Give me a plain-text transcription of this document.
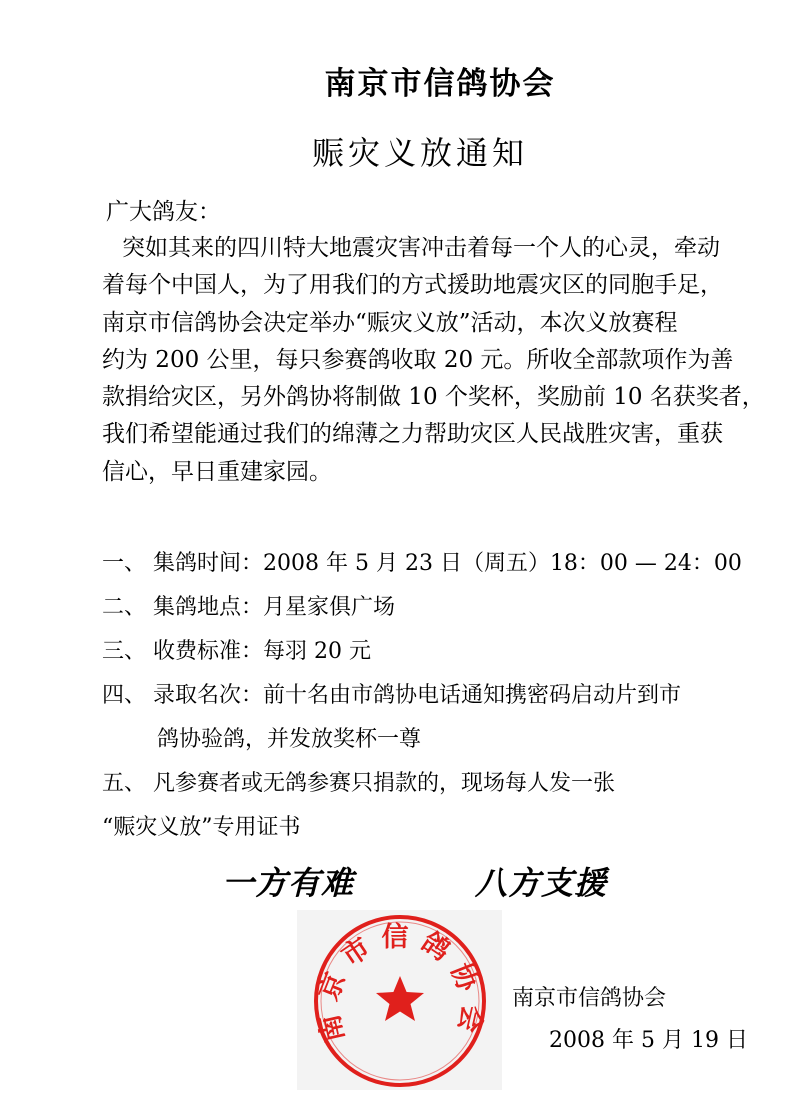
南京市信鸽协会
赈灾义放通知
广大鸽友：
突如其来的四川特大地震灾害冲击着每一个人的心灵，牵动
着每个中国人，为了用我们的方式援助地震灾区的同胞手足，
南京市信鸽协会决定举办“赈灾义放”活动，本次义放赛程
约为 200 公里，每只参赛鸽收取 20 元。所收全部款项作为善
款捐给灾区，另外鸽协将制做 10 个奖杯，奖励前 10 名获奖者，
我们希望能通过我们的绵薄之力帮助灾区人民战胜灾害，重获
信心，早日重建家园。
一、 集鸽时间：2008 年 5 月 23 日（周五）18：00 — 24：00
二、 集鸽地点：月星家俱广场
三、 收费标准：每羽 20 元
四、 录取名次：前十名由市鸽协电话通知携密码启动片到市
鸽协验鸽，并发放奖杯一尊
五、 凡参赛者或无鸽参赛只捐款的，现场每人发一张
“赈灾义放”专用证书
一方有难	八方支援
南京市信鸽协会
南京市信鸽协会
2008 年 5 月 19 日
